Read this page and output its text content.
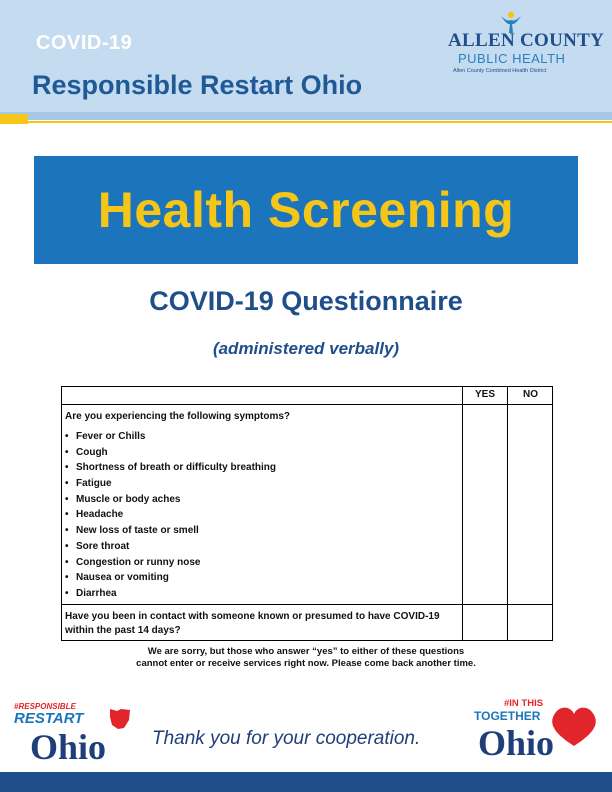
COVID-19
Responsible Restart Ohio
ALLEN COUNTY
PUBLIC HEALTH
Allen County Combined Health District
Health Screening
COVID-19 Questionnaire
(administered verbally)
YES	NO
Are you experiencing the following symptoms?
• Fever or Chills
• Cough
• Shortness of breath or difficulty breathing
• Fatigue
• Muscle or body aches
• Headache
• New loss of taste or smell
• Sore throat
• Congestion or runny nose
• Nausea or vomiting
• Diarrhea
Have you been in contact with someone known or presumed to have COVID-19 within the past 14 days?
We are sorry, but those who answer “yes” to either of these questions
cannot enter or receive services right now. Please come back another time.
#RESPONSIBLE
RESTART
Ohio Thank you for your cooperation.
#IN THIS
TOGETHER
Ohio
